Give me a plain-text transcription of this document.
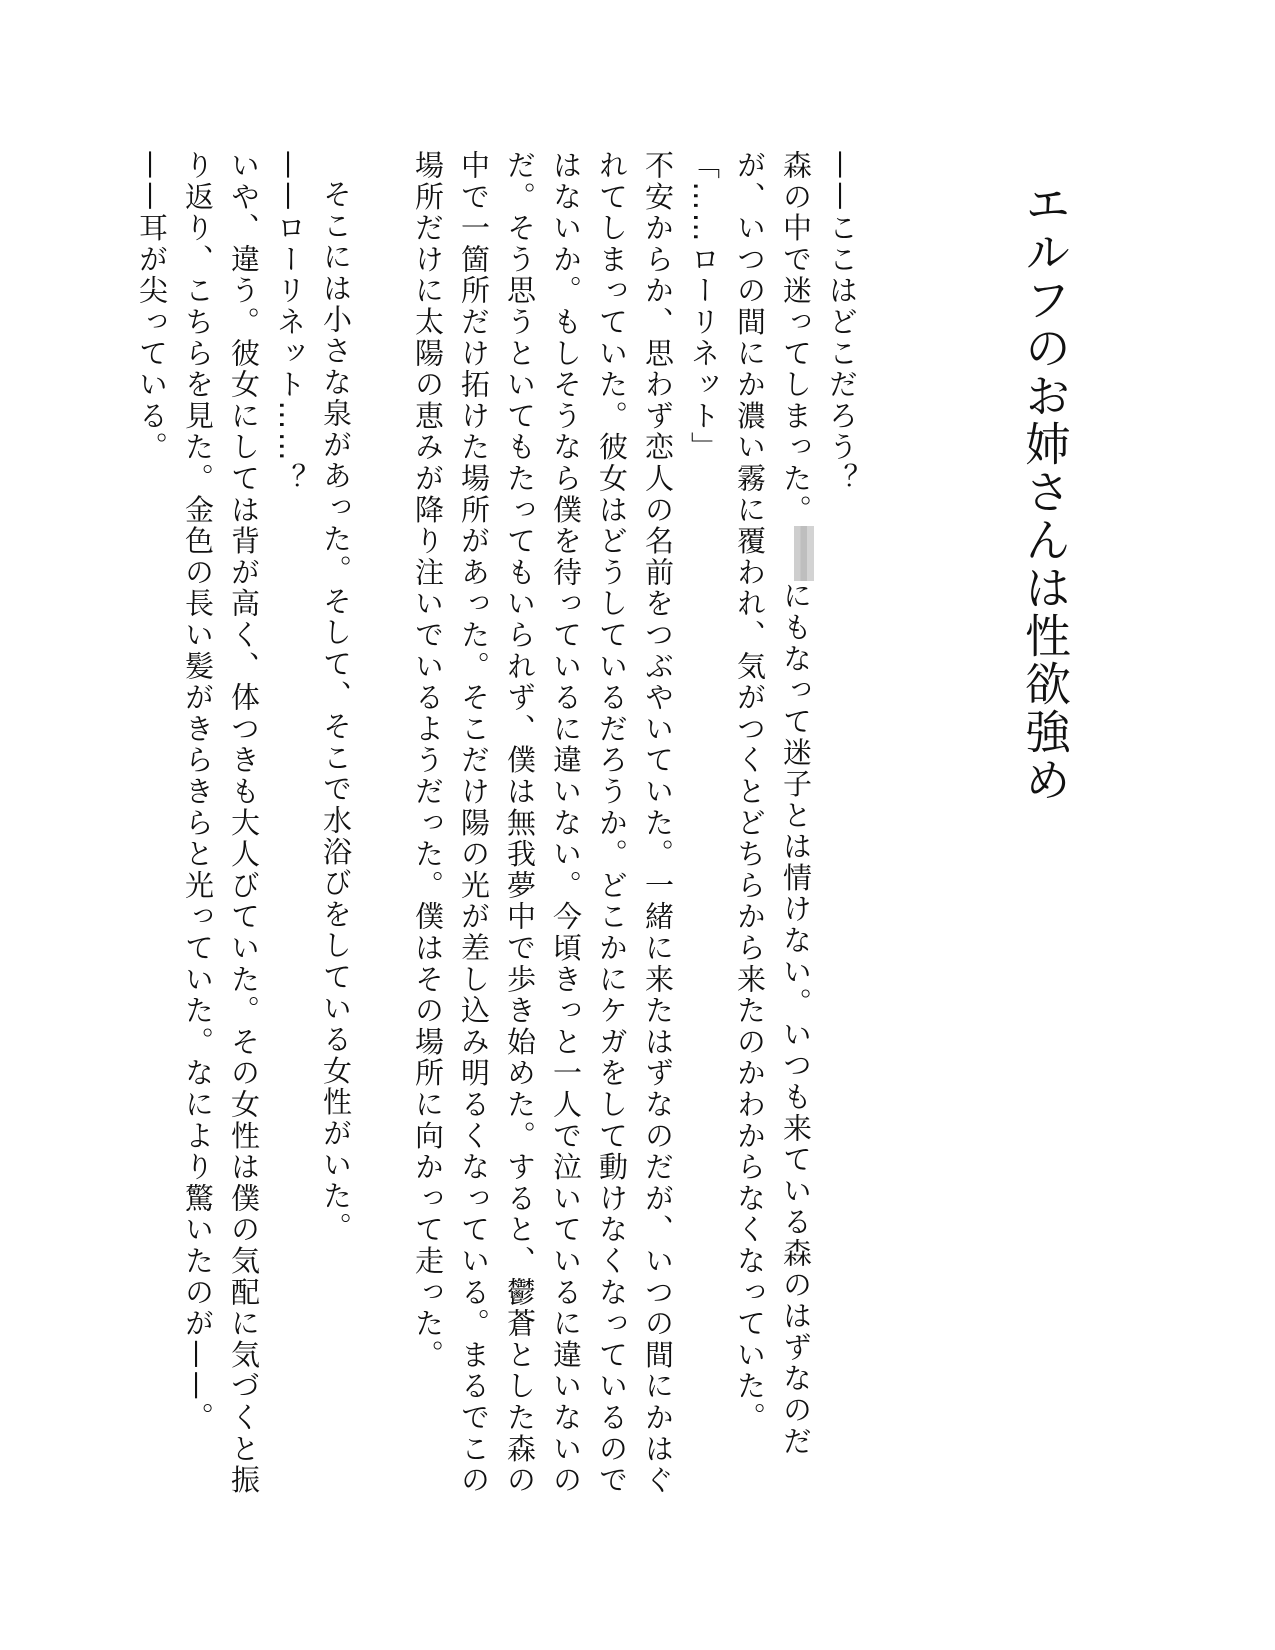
エルフのお姉さんは性欲強め
——ここはどこだろう？
森の中で迷ってしまった。にもなって迷子とは情けない。いつも来ている森のはずなのだが、いつの間にか濃い霧に覆われ、気がつくとどちらから来たのかわからなくなっていた。
「……ローリネット」
不安からか、思わず恋人の名前をつぶやいていた。一緒に来たはずなのだが、いつの間にかはぐれてしまっていた。彼女はどうしているだろうか。どこかにケガをして動けなくなっているのではないか。もしそうなら僕を待っているに違いない。今頃きっと一人で泣いているに違いないのだ。そう思うといてもたってもいられず、僕は無我夢中で歩き始めた。すると、鬱蒼とした森の中で一箇所だけ拓けた場所があった。そこだけ陽の光が差し込み明るくなっている。まるでこの場所だけに太陽の恵みが降り注いでいるようだった。僕はその場所に向かって走った。

そこには小さな泉があった。そして、そこで水浴びをしている女性がいた。
——ローリネット……？
いや、違う。彼女にしては背が高く、体つきも大人びていた。その女性は僕の気配に気づくと振り返り、こちらを見た。金色の長い髪がきらきらと光っていた。なにより驚いたのが——。
——耳が尖っている。
